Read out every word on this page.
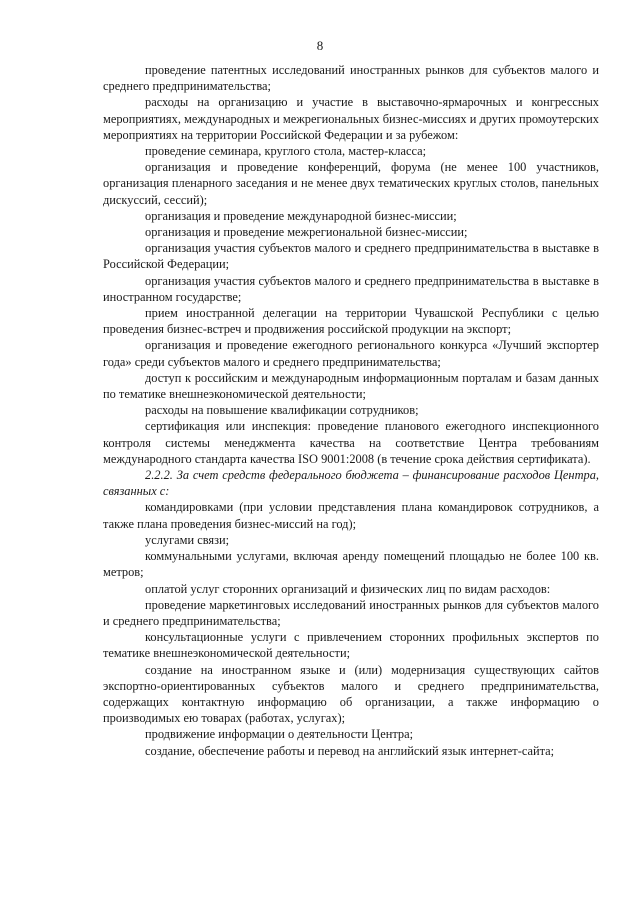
8

проведение патентных исследований иностранных рынков для субъектов малого и среднего предпринимательства;

расходы на организацию и участие в выставочно-ярмарочных и конгрессных мероприятиях, международных и межрегиональных бизнес-миссиях и других промоутерских мероприятиях на территории Российской Федерации и за рубежом:

проведение семинара, круглого стола, мастер-класса;

организация и проведение конференций, форума (не менее 100 участников, организация пленарного заседания и не менее двух тематических круглых столов, панельных дискуссий, сессий);

организация и проведение международной бизнес-миссии;

организация и проведение межрегиональной бизнес-миссии;

организация участия субъектов малого и среднего предпринимательства в выставке в Российской Федерации;

организация участия субъектов малого и среднего предпринимательства в выставке в иностранном государстве;

прием иностранной делегации на территории Чувашской Республики с целью проведения бизнес-встреч и продвижения российской продукции на экспорт;

организация и проведение ежегодного регионального конкурса «Лучший экспортер года» среди субъектов малого и среднего предпринимательства;

доступ к российским и международным информационным порталам и базам данных по тематике внешнеэкономической деятельности;

расходы на повышение квалификации сотрудников;

сертификация или инспекция: проведение планового ежегодного инспекционного контроля системы менеджмента качества на соответствие Центра требованиям международного стандарта качества ISO 9001:2008 (в течение срока действия сертификата).

2.2.2. За счет средств федерального бюджета – финансирование расходов Центра, связанных с:

командировками (при условии представления плана командировок сотрудников, а также плана проведения бизнес-миссий на год);

услугами связи;

коммунальными услугами, включая аренду помещений площадью не более 100 кв. метров;

оплатой услуг сторонних организаций и физических лиц по видам расходов:

проведение маркетинговых исследований иностранных рынков для субъектов малого и среднего предпринимательства;

консультационные услуги с привлечением сторонних профильных экспертов по тематике внешнеэкономической деятельности;

создание на иностранном языке и (или) модернизация существующих сайтов экспортно-ориентированных субъектов малого и среднего предпринимательства, содержащих контактную информацию об организации, а также информацию о производимых ею товарах (работах, услугах);

продвижение информации о деятельности Центра;

создание, обеспечение работы и перевод на английский язык интернет-сайта;
